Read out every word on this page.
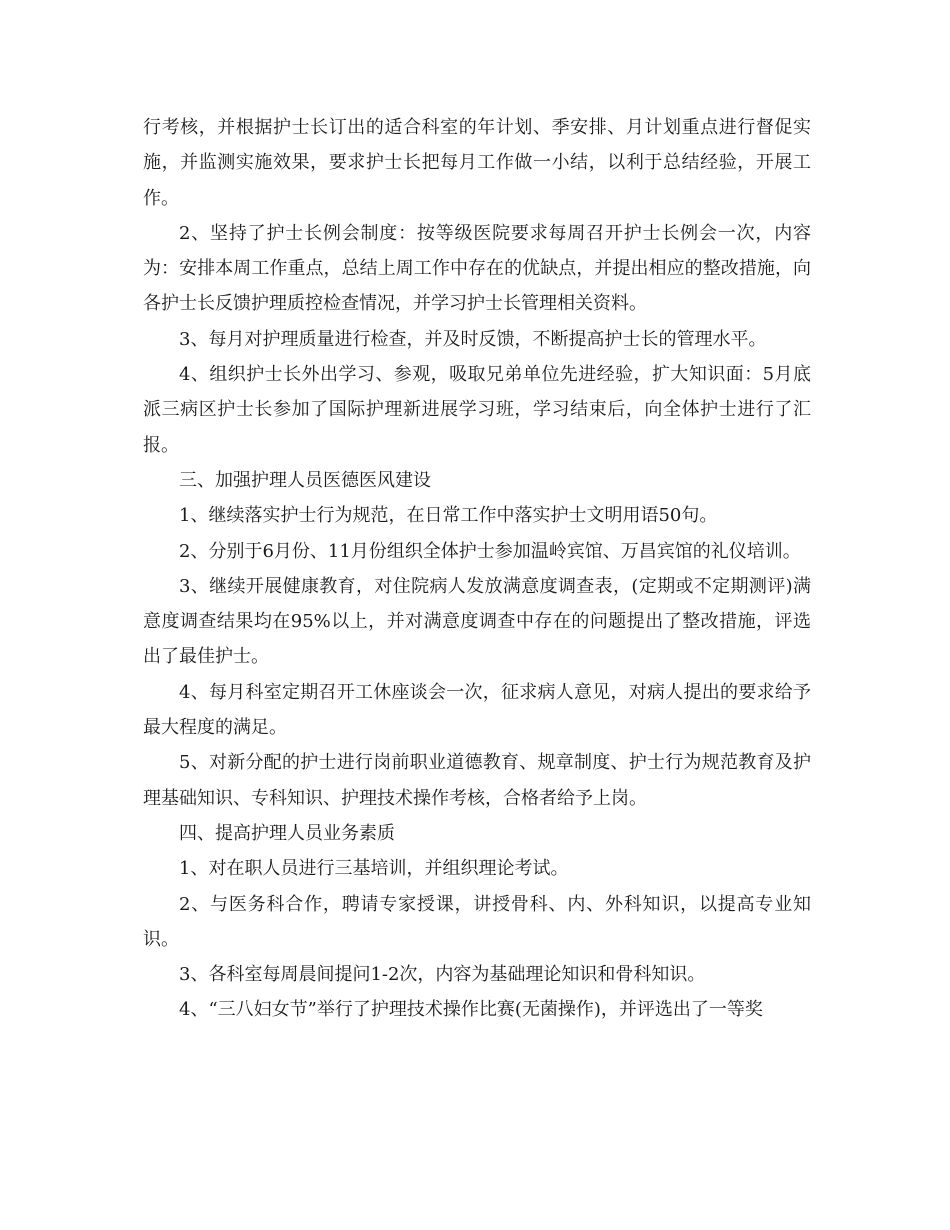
行考核，并根据护士长订出的适合科室的年计划、季安排、月计划重点进行督促实施，并监测实施效果，要求护士长把每月工作做一小结，以利于总结经验，开展工作。

2、坚持了护士长例会制度：按等级医院要求每周召开护士长例会一次，内容为：安排本周工作重点，总结上周工作中存在的优缺点，并提出相应的整改措施，向各护士长反馈护理质控检查情况，并学习护士长管理相关资料。

3、每月对护理质量进行检查，并及时反馈，不断提高护士长的管理水平。

4、组织护士长外出学习、参观，吸取兄弟单位先进经验，扩大知识面：5月底派三病区护士长参加了国际护理新进展学习班，学习结束后，向全体护士进行了汇报。

三、加强护理人员医德医风建设

1、继续落实护士行为规范，在日常工作中落实护士文明用语50句。

2、分别于6月份、11月份组织全体护士参加温岭宾馆、万昌宾馆的礼仪培训。

3、继续开展健康教育，对住院病人发放满意度调查表，(定期或不定期测评)满意度调查结果均在95%以上，并对满意度调查中存在的问题提出了整改措施，评选出了最佳护士。

4、每月科室定期召开工休座谈会一次，征求病人意见，对病人提出的要求给予最大程度的满足。

5、对新分配的护士进行岗前职业道德教育、规章制度、护士行为规范教育及护理基础知识、专科知识、护理技术操作考核，合格者给予上岗。

四、提高护理人员业务素质

1、对在职人员进行三基培训，并组织理论考试。

2、与医务科合作，聘请专家授课，讲授骨科、内、外科知识，以提高专业知识。

3、各科室每周晨间提问1-2次，内容为基础理论知识和骨科知识。

4、“三八妇女节”举行了护理技术操作比赛(无菌操作)，并评选出了一等奖
